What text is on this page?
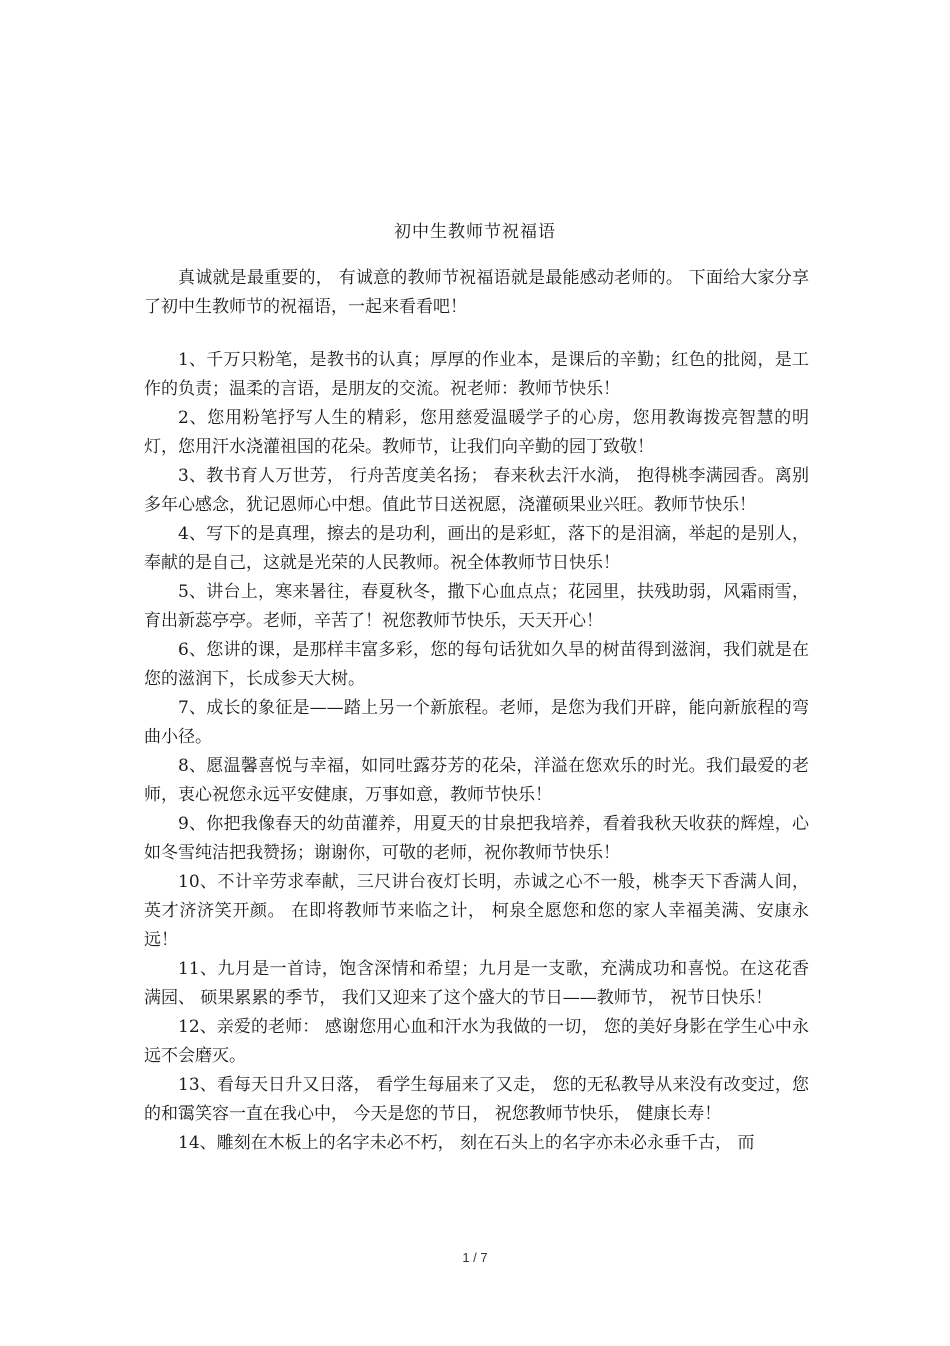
初中生教师节祝福语

真诚就是最重要的， 有诚意的教师节祝福语就是最能感动老师的。 下面给大家分享了初中生教师节的祝福语，一起来看看吧！

1、千万只粉笔，是教书的认真；厚厚的作业本，是课后的辛勤；红色的批阅，是工作的负责；温柔的言语，是朋友的交流。祝老师：教师节快乐！

2、您用粉笔抒写人生的精彩，您用慈爱温暖学子的心房，您用教诲拨亮智慧的明灯，您用汗水浇灌祖国的花朵。教师节，让我们向辛勤的园丁致敬！

3、教书育人万世芳， 行舟苦度美名扬； 春来秋去汗水淌， 抱得桃李满园香。离别多年心感念，犹记恩师心中想。值此节日送祝愿，浇灌硕果业兴旺。教师节快乐！

4、写下的是真理，擦去的是功利，画出的是彩虹，落下的是泪滴，举起的是别人，奉献的是自己，这就是光荣的人民教师。祝全体教师节日快乐！

5、讲台上，寒来暑往，春夏秋冬，撒下心血点点；花园里，扶残助弱，风霜雨雪，育出新蕊亭亭。老师，辛苦了！祝您教师节快乐，天天开心！

6、您讲的课，是那样丰富多彩，您的每句话犹如久旱的树苗得到滋润，我们就是在您的滋润下，长成参天大树。

7、成长的象征是——踏上另一个新旅程。老师，是您为我们开辟，能向新旅程的弯曲小径。

8、愿温馨喜悦与幸福，如同吐露芬芳的花朵，洋溢在您欢乐的时光。我们最爱的老师，衷心祝您永远平安健康，万事如意，教师节快乐！

9、你把我像春天的幼苗灌养，用夏天的甘泉把我培养，看着我秋天收获的辉煌，心如冬雪纯洁把我赞扬；谢谢你，可敬的老师，祝你教师节快乐！

10、不计辛劳求奉献，三尺讲台夜灯长明，赤诚之心不一般，桃李天下香满人间，英才济济笑开颜。 在即将教师节来临之计， 柯泉全愿您和您的家人幸福美满、安康永远！

11、九月是一首诗，饱含深情和希望；九月是一支歌，充满成功和喜悦。在这花香满园、 硕果累累的季节， 我们又迎来了这个盛大的节日——教师节， 祝节日快乐！

12、亲爱的老师： 感谢您用心血和汗水为我做的一切， 您的美好身影在学生心中永远不会磨灭。

13、看每天日升又日落， 看学生每届来了又走， 您的无私教导从来没有改变过，您的和霭笑容一直在我心中， 今天是您的节日， 祝您教师节快乐， 健康长寿！

14、雕刻在木板上的名字未必不朽， 刻在石头上的名字亦未必永垂千古， 而

1 / 7
